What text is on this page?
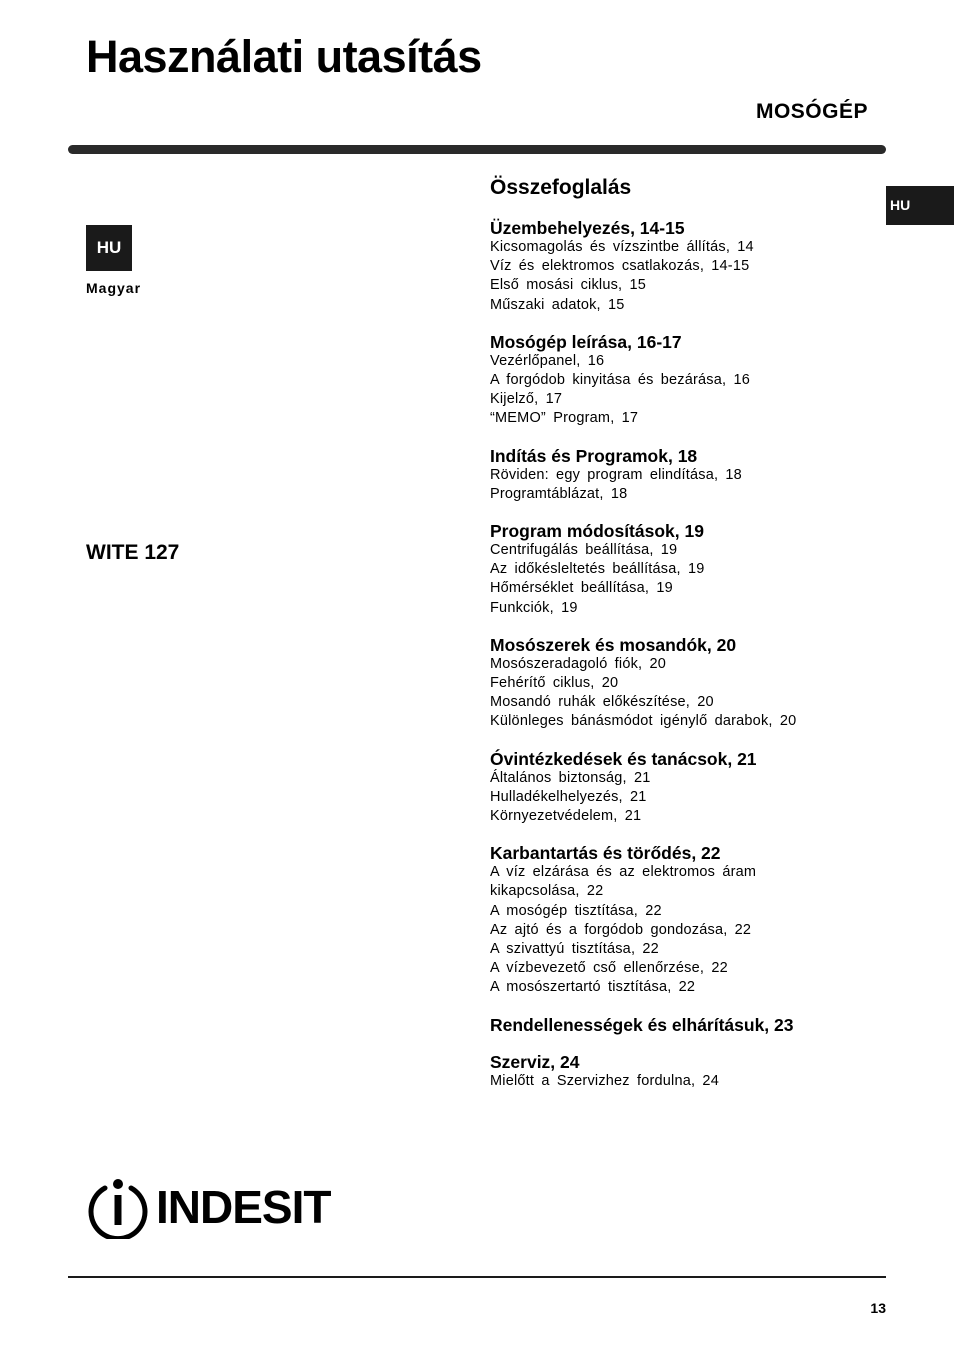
Használati utasítás
MOSÓGÉP
HU
HU
Magyar
WITE 127
Összefoglalás
Üzembehelyezés, 14-15
Kicsomagolás és vízszintbe állítás, 14
Víz és elektromos csatlakozás, 14-15
Első mosási ciklus, 15
Műszaki adatok, 15
Mosógép leírása, 16-17
Vezérlőpanel, 16
A forgódob kinyitása és bezárása, 16
Kijelző, 17
“MEMO” Program, 17
Indítás és Programok, 18
Röviden: egy program elindítása, 18
Programtáblázat, 18
Program módosítások, 19
Centrifugálás beállítása, 19
Az időkésleltetés beállítása, 19
Hőmérséklet beállítása, 19
Funkciók, 19
Mosószerek és mosandók, 20
Mosószeradagoló fiók, 20
Fehérítő ciklus, 20
Mosandó ruhák előkészítése, 20
Különleges bánásmódot igénylő darabok, 20
Óvintézkedések és tanácsok, 21
Általános biztonság, 21
Hulladékelhelyezés, 21
Környezetvédelem, 21
Karbantartás és törődés, 22
A víz elzárása és az elektromos áram
kikapcsolása, 22
A mosógép tisztítása, 22
Az ajtó és a forgódob gondozása, 22
A szivattyú tisztítása, 22
A vízbevezető cső ellenőrzése, 22
A mosószertartó tisztítása, 22
Rendellenességek és elhárításuk, 23
Szerviz, 24
Mielőtt a Szervizhez fordulna, 24
INDESIT
13
